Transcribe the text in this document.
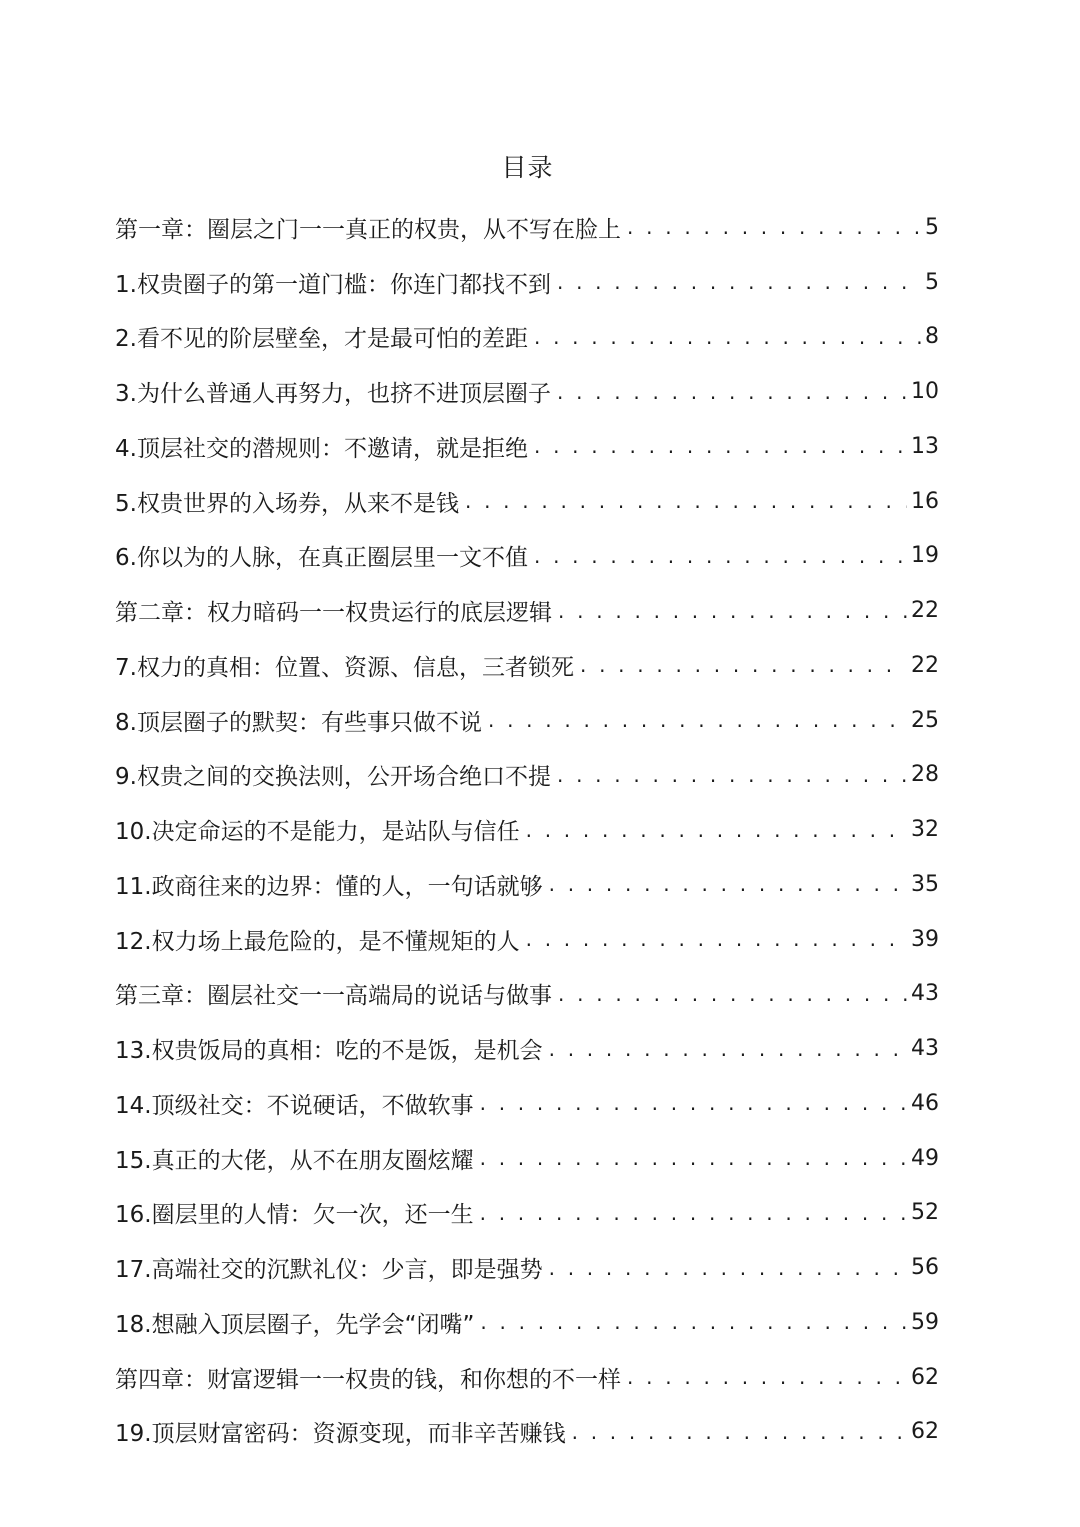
目录
第一章：圈层之门一一真正的权贵，从不写在脸上 . . .	5
1.权贵圈子的第一道门槛：你连门都找不到 . . .	5
2.看不见的阶层壁垒，才是最可怕的差距 . . .	8
3.为什么普通人再努力，也挤不进顶层圈子 . . .	10
4.顶层社交的潜规则：不邀请，就是拒绝 . . .	13
5.权贵世界的入场券，从来不是钱 . . .	16
6.你以为的人脉，在真正圈层里一文不值 . . .	19
第二章：权力暗码一一权贵运行的底层逻辑 . . .	22
7.权力的真相：位置、资源、信息，三者锁死 . . .	22
8.顶层圈子的默契：有些事只做不说 . . .	25
9.权贵之间的交换法则，公开场合绝口不提 . . .	28
10.决定命运的不是能力，是站队与信任 . . .	32
11.政商往来的边界：懂的人，一句话就够 . . .	35
12.权力场上最危险的，是不懂规矩的人 . . .	39
第三章：圈层社交一一高端局的说话与做事 . . .	43
13.权贵饭局的真相：吃的不是饭，是机会 . . .	43
14.顶级社交：不说硬话，不做软事 . . .	46
15.真正的大佬，从不在朋友圈炫耀 . . .	49
16.圈层里的人情：欠一次，还一生 . . .	52
17.高端社交的沉默礼仪：少言，即是强势 . . .	56
18.想融入顶层圈子，先学会“闭嘴” . . .	59
第四章：财富逻辑一一权贵的钱，和你想的不一样 . . .	62
19.顶层财富密码：资源变现，而非辛苦赚钱 . . .	62
